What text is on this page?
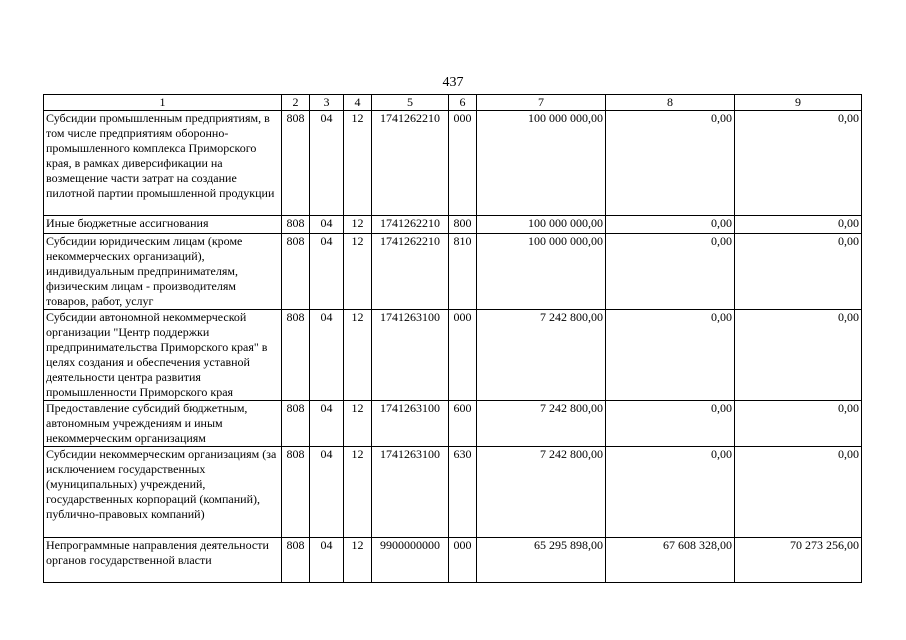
437
1	2	3	4	5	6	7	8	9
Субсидии промышленным предприятиям, в том числе предприятиям оборонно-промышленного комплекса Приморского края, в рамках диверсификации на возмещение части затрат на создание пилотной партии промышленной продукции	808	04	12	1741262210	000	100 000 000,00	0,00	0,00
Иные бюджетные ассигнования	808	04	12	1741262210	800	100 000 000,00	0,00	0,00
Субсидии юридическим лицам (кроме некоммерческих организаций), индивидуальным предпринимателям, физическим лицам - производителям товаров, работ, услуг	808	04	12	1741262210	810	100 000 000,00	0,00	0,00
Субсидии автономной некоммерческой организации "Центр поддержки предпринимательства Приморского края" в целях создания и обеспечения уставной деятельности центра развития промышленности Приморского края	808	04	12	1741263100	000	7 242 800,00	0,00	0,00
Предоставление субсидий бюджетным, автономным учреждениям и иным некоммерческим организациям	808	04	12	1741263100	600	7 242 800,00	0,00	0,00
Субсидии некоммерческим организациям (за исключением государственных (муниципальных) учреждений, государственных корпораций (компаний), публично-правовых компаний)	808	04	12	1741263100	630	7 242 800,00	0,00	0,00
Непрограммные направления деятельности органов государственной власти	808	04	12	9900000000	000	65 295 898,00	67 608 328,00	70 273 256,00
